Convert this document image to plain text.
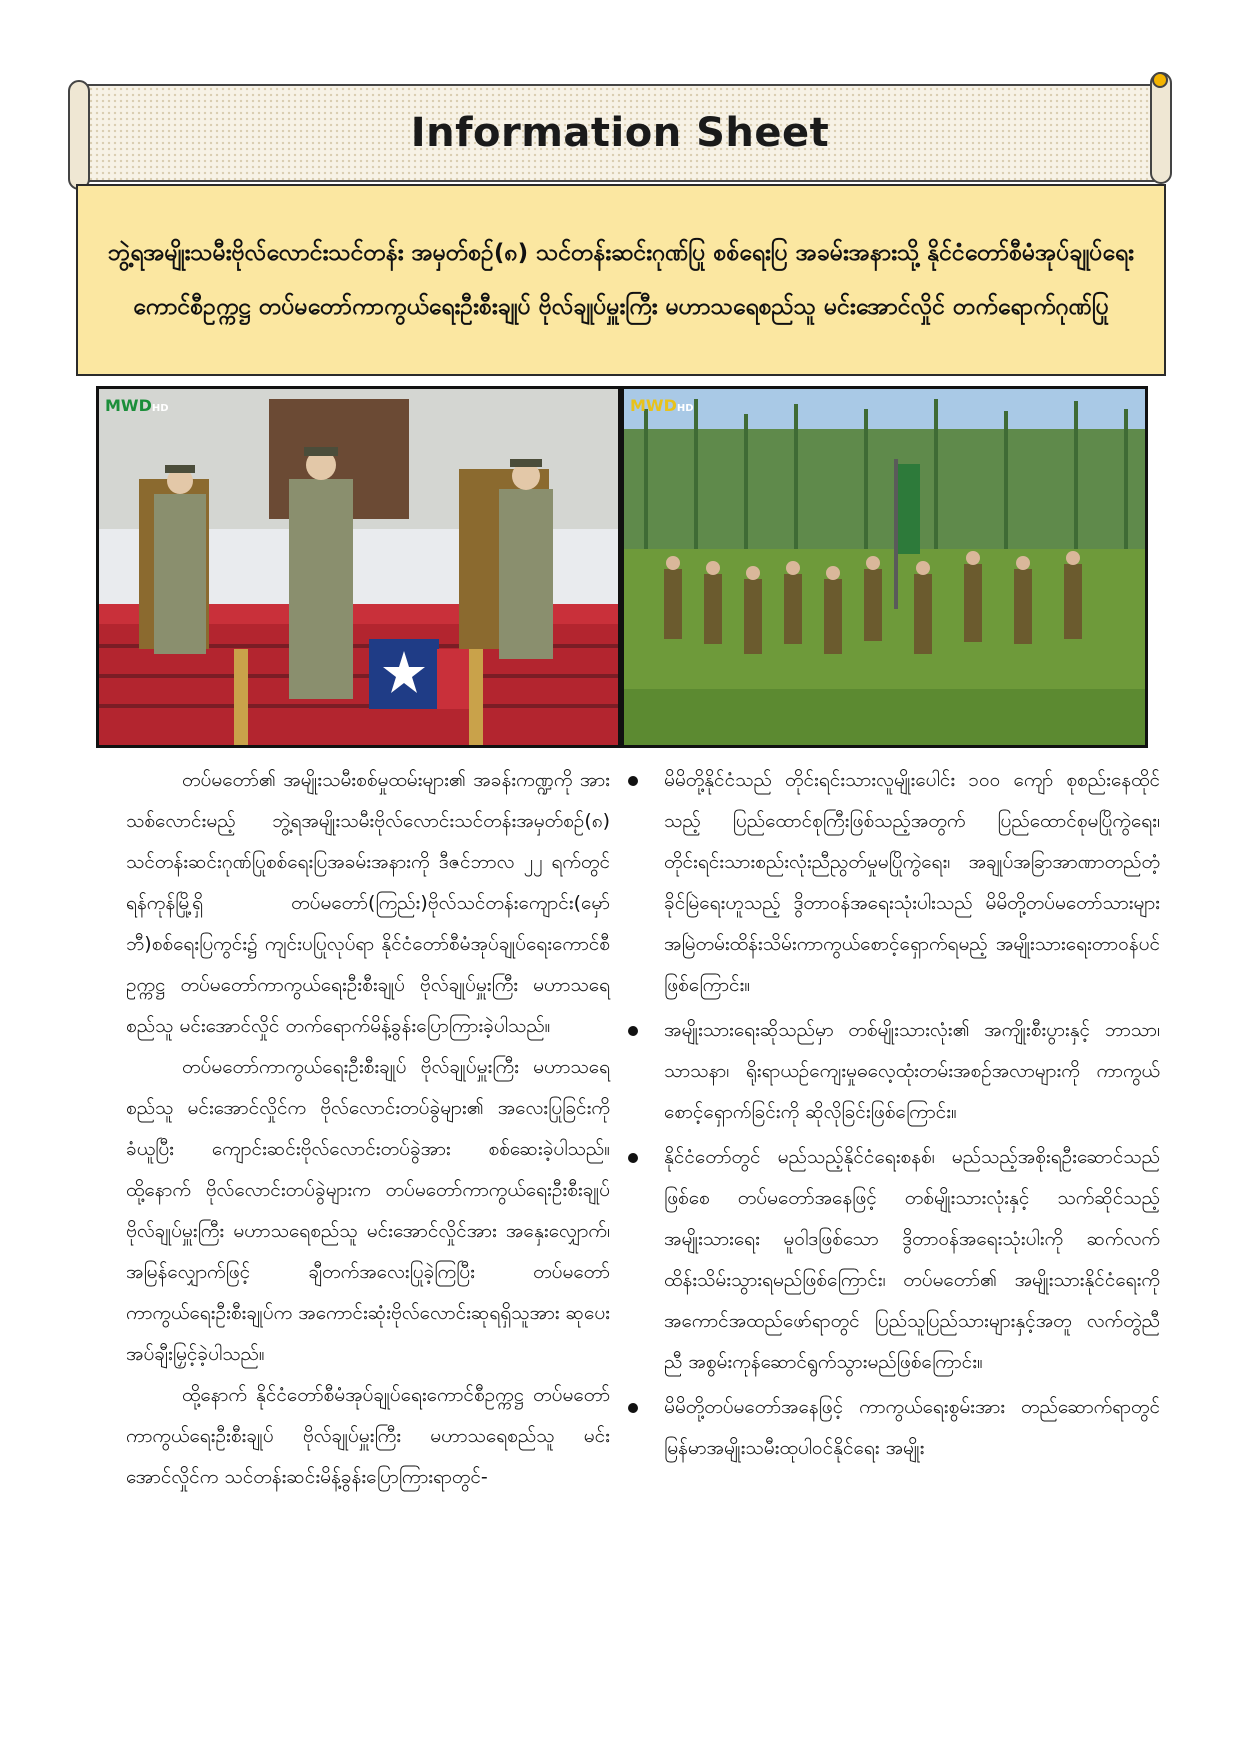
Information Sheet
ဘွဲ့ရအမျိုးသမီးဗိုလ်လောင်းသင်တန်း အမှတ်စဉ်(၈) သင်တန်းဆင်းဂုဏ်ပြု စစ်ရေးပြ အခမ်းအနားသို့ နိုင်ငံတော်စီမံအုပ်ချုပ်ရေးကောင်စီဥက္ကဋ္ဌ တပ်မတော်ကာကွယ်ရေးဦးစီးချုပ် ဗိုလ်ချုပ်မှူးကြီး မဟာသရေစည်သူ မင်းအောင်လှိုင် တက်ရောက်ဂုဏ်ပြု
MWDHD	MWDHD

တပ်မတော်၏ အမျိုးသမီးစစ်မှုထမ်းများ၏ အခန်းကဏ္ဍကို အားသစ်လောင်းမည့် ဘွဲ့ရအမျိုးသမီးဗိုလ်လောင်းသင်တန်းအမှတ်စဉ်(၈) သင်တန်းဆင်းဂုဏ်ပြုစစ်ရေးပြအခမ်းအနားကို ဒီဇင်ဘာလ ၂၂ ရက်တွင် ရန်ကုန်မြို့ရှိ တပ်မတော်(ကြည်း)ဗိုလ်သင်တန်းကျောင်း(မှော်ဘီ)စစ်ရေးပြကွင်း၌ ကျင်းပပြုလုပ်ရာ နိုင်ငံတော်စီမံအုပ်ချုပ်ရေးကောင်စီဥက္ကဋ္ဌ တပ်မတော်ကာကွယ်ရေးဦးစီးချုပ် ဗိုလ်ချုပ်မှူးကြီး မဟာသရေစည်သူ မင်းအောင်လှိုင် တက်ရောက်မိန့်ခွန်းပြောကြားခဲ့ပါသည်။

တပ်မတော်ကာကွယ်ရေးဦးစီးချုပ် ဗိုလ်ချုပ်မှူးကြီး မဟာသရေစည်သူ မင်းအောင်လှိုင်က ဗိုလ်လောင်းတပ်ခွဲများ၏ အလေးပြုခြင်းကိုခံယူပြီး ကျောင်းဆင်းဗိုလ်လောင်းတပ်ခွဲအား စစ်ဆေးခဲ့ပါသည်။ ထို့နောက် ဗိုလ်လောင်းတပ်ခွဲများက တပ်မတော်ကာကွယ်ရေးဦးစီးချုပ် ဗိုလ်ချုပ်မှူးကြီး မဟာသရေစည်သူ မင်းအောင်လှိုင်အား အနှေးလျှောက်၊ အမြန်လျှောက်ဖြင့် ချီတက်အလေးပြုခဲ့ကြပြီး တပ်မတော်ကာကွယ်ရေးဦးစီးချုပ်က အကောင်းဆုံးဗိုလ်လောင်းဆုရရှိသူအား ဆုပေးအပ်ချီးမြှင့်ခဲ့ပါသည်။

ထို့နောက် နိုင်ငံတော်စီမံအုပ်ချုပ်ရေးကောင်စီဥက္ကဋ္ဌ တပ်မတော်ကာကွယ်ရေးဦးစီးချုပ် ဗိုလ်ချုပ်မှူးကြီး မဟာသရေစည်သူ မင်းအောင်လှိုင်က သင်တန်းဆင်းမိန့်ခွန်းပြောကြားရာတွင်-

မိမိတို့နိုင်ငံသည် တိုင်းရင်းသားလူမျိုးပေါင်း ၁၀၀ ကျော် စုစည်းနေထိုင်သည့် ပြည်ထောင်စုကြီးဖြစ်သည့်အတွက် ပြည်ထောင်စုမပြိုကွဲရေး၊ တိုင်းရင်းသားစည်းလုံးညီညွတ်မှုမပြိုကွဲရေး၊ အချုပ်အခြာအာဏာတည်တံ့ခိုင်မြဲရေးဟူသည့် ဒွိတာဝန်အရေးသုံးပါးသည် မိမိတို့တပ်မတော်သားများ အမြဲတမ်းထိန်းသိမ်းကာကွယ်စောင့်ရှောက်ရမည့် အမျိုးသားရေးတာဝန်ပင်ဖြစ်ကြောင်း။
အမျိုးသားရေးဆိုသည်မှာ တစ်မျိုးသားလုံး၏ အကျိုးစီးပွားနှင့် ဘာသာ၊ သာသနာ၊ ရိုးရာယဉ်ကျေးမှုဓလေ့ထုံးတမ်းအစဉ်အလာများကို ကာကွယ်စောင့်ရှောက်ခြင်းကို ဆိုလိုခြင်းဖြစ်ကြောင်း။
နိုင်ငံတော်တွင် မည်သည့်နိုင်ငံရေးစနစ်၊ မည်သည့်အစိုးရဦးဆောင်သည်ဖြစ်စေ တပ်မတော်အနေဖြင့် တစ်မျိုးသားလုံးနှင့် သက်ဆိုင်သည့်အမျိုးသားရေး မူဝါဒဖြစ်သော ဒွိတာဝန်အရေးသုံးပါးကို ဆက်လက်ထိန်းသိမ်းသွားရမည်ဖြစ်ကြောင်း၊ တပ်မတော်၏ အမျိုးသားနိုင်ငံရေးကို အကောင်အထည်ဖော်ရာတွင် ပြည်သူပြည်သားများနှင့်အတူ လက်တွဲညီညီ အစွမ်းကုန်ဆောင်ရွက်သွားမည်ဖြစ်ကြောင်း။
မိမိတို့တပ်မတော်အနေဖြင့် ကာကွယ်ရေးစွမ်းအား တည်ဆောက်ရာတွင် မြန်မာအမျိုးသမီးထုပါဝင်နိုင်ရေး အမျိုး
